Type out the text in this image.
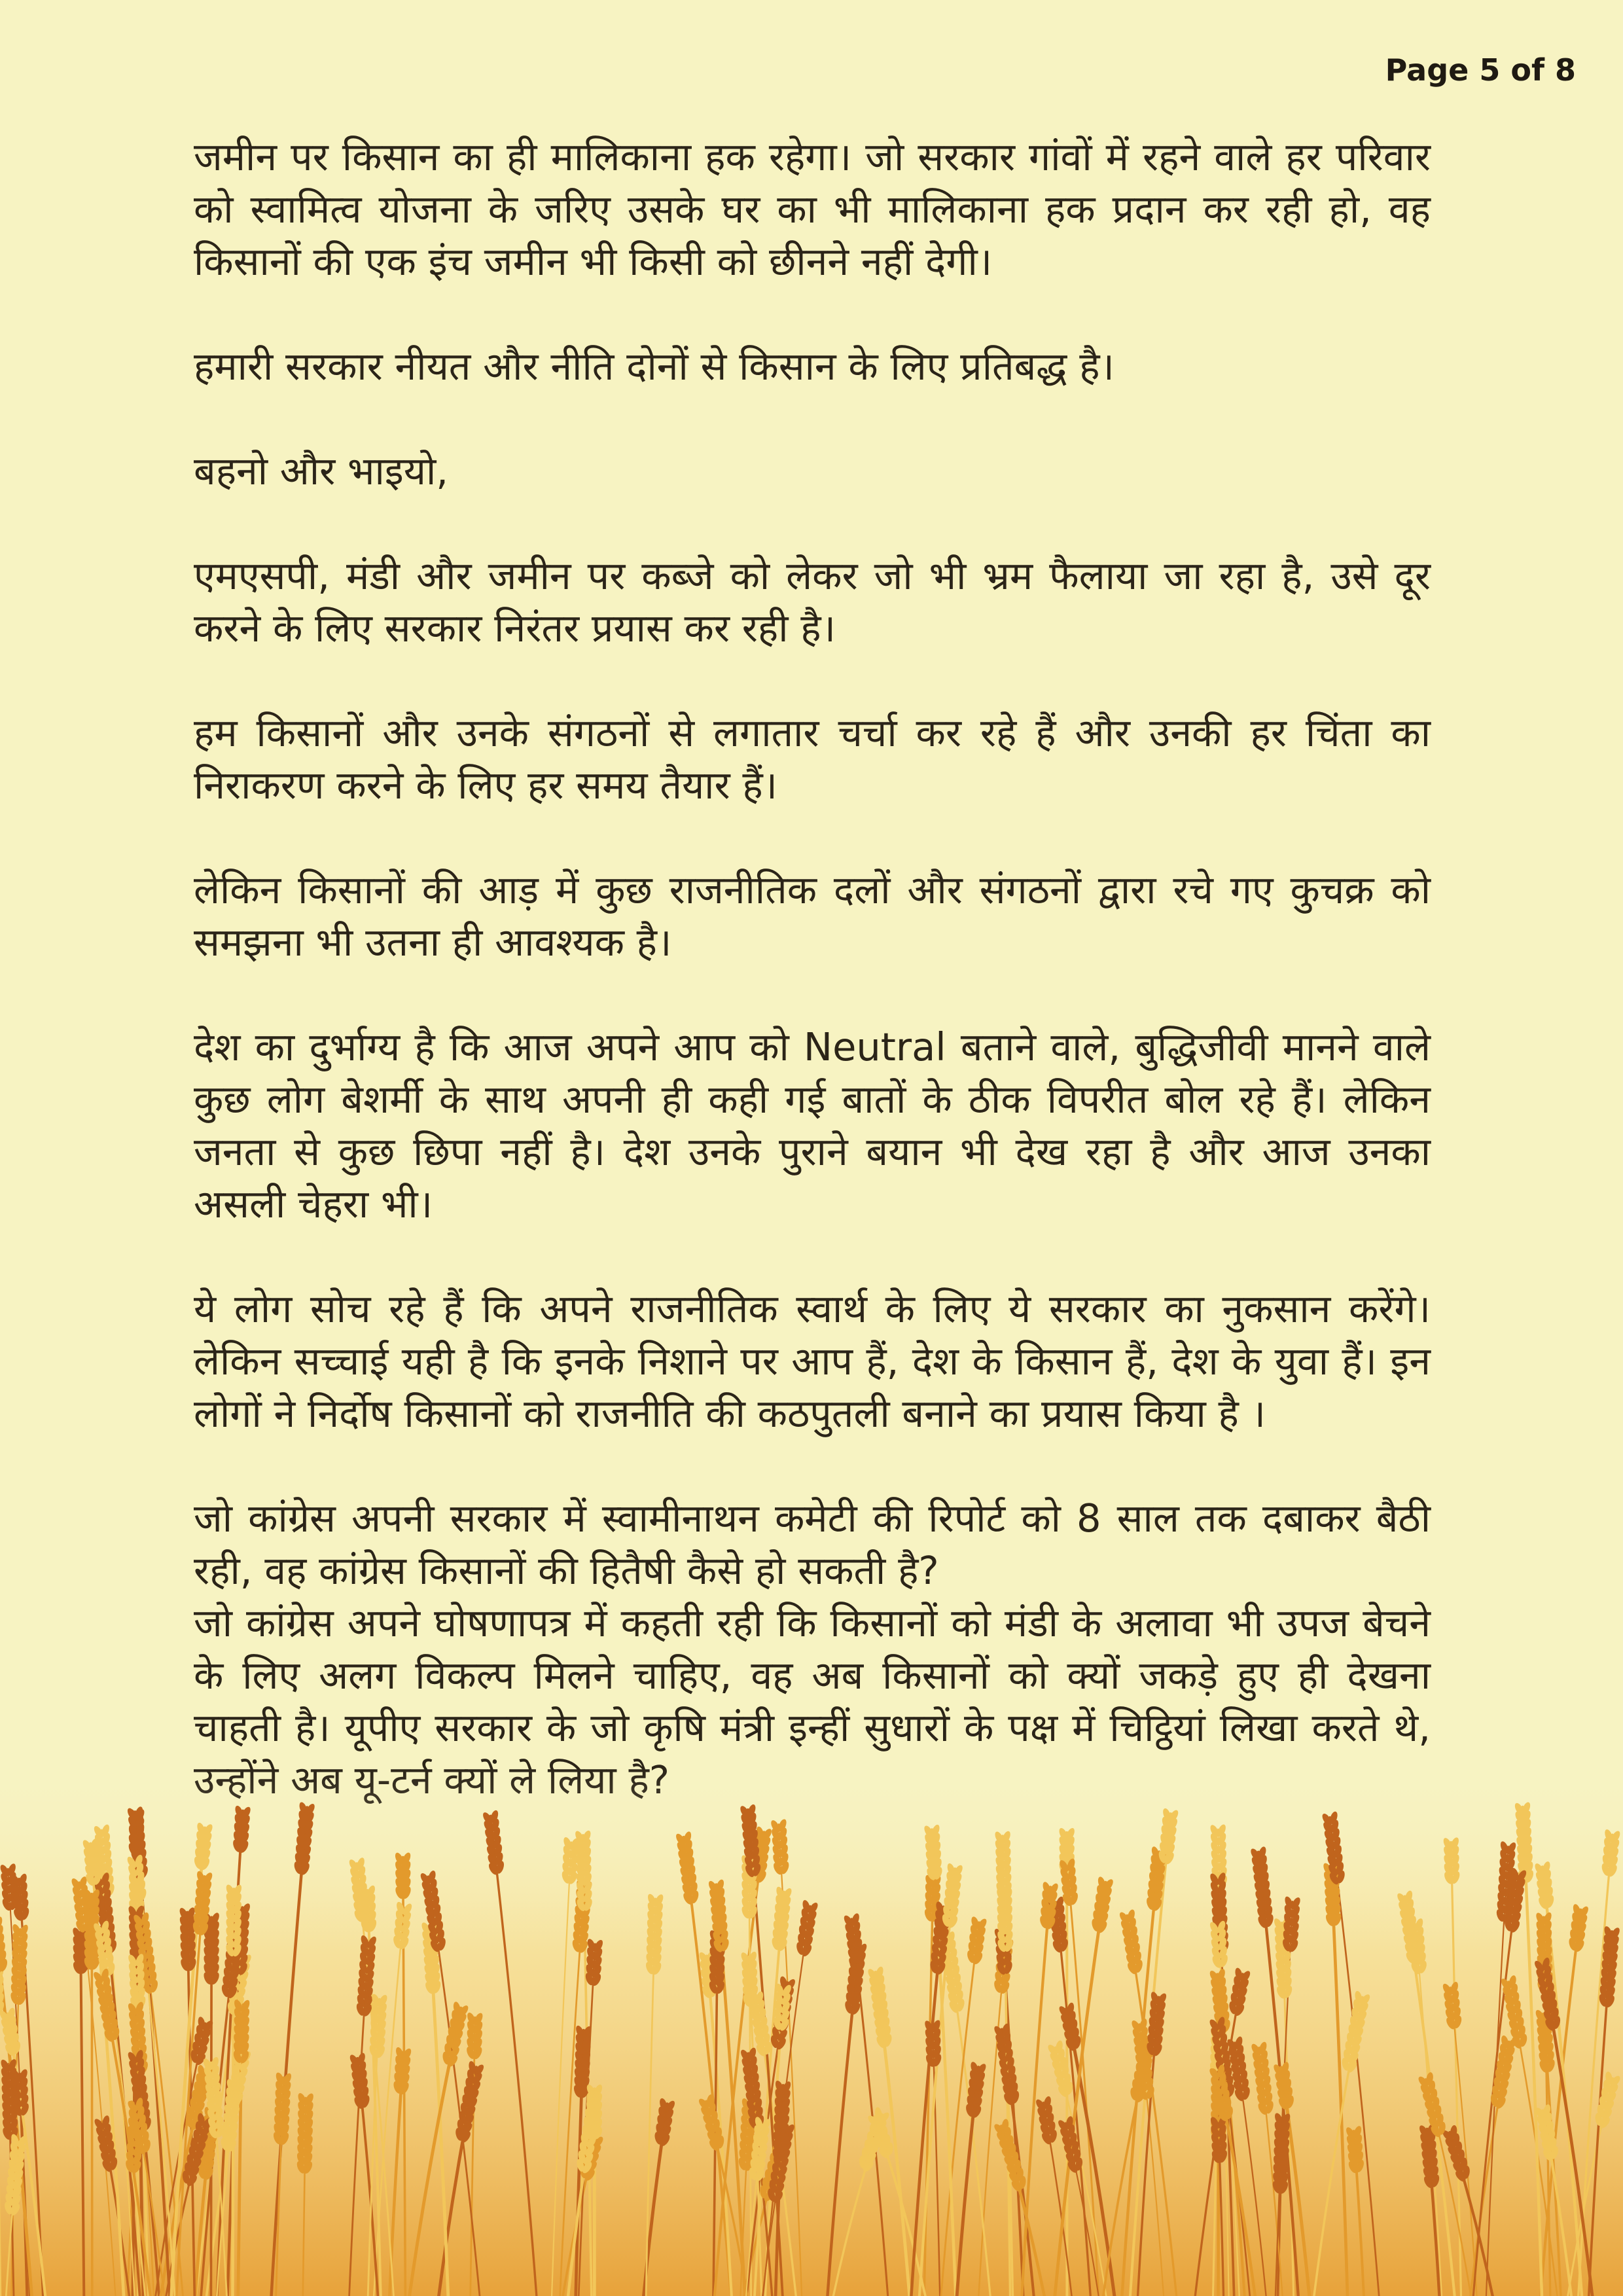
Page 5 of 8

जमीन पर किसान का ही मालिकाना हक रहेगा। जो सरकार गांवों में रहने वाले हर परिवार को स्वामित्व योजना के जरिए उसके घर का भी मालिकाना हक प्रदान कर रही हो, वह किसानों की एक इंच जमीन भी किसी को छीनने नहीं देगी।

हमारी सरकार नीयत और नीति दोनों से किसान के लिए प्रतिबद्ध है।

बहनो और भाइयो,

एमएसपी, मंडी और जमीन पर कब्जे को लेकर जो भी भ्रम फैलाया जा रहा है, उसे दूर करने के लिए सरकार निरंतर प्रयास कर रही है।

हम किसानों और उनके संगठनों से लगातार चर्चा कर रहे हैं और उनकी हर चिंता का निराकरण करने के लिए हर समय तैयार हैं।

लेकिन किसानों की आड़ में कुछ राजनीतिक दलों और संगठनों द्वारा रचे गए कुचक्र को समझना भी उतना ही आवश्यक है।

देश का दुर्भाग्य है कि आज अपने आप को Neutral बताने वाले, बुद्धिजीवी मानने वाले कुछ लोग बेशर्मी के साथ अपनी ही कही गई बातों के ठीक विपरीत बोल रहे हैं। लेकिन जनता से कुछ छिपा नहीं है। देश उनके पुराने बयान भी देख रहा है और आज उनका असली चेहरा भी।

ये लोग सोच रहे हैं कि अपने राजनीतिक स्वार्थ के लिए ये सरकार का नुकसान करेंगे। लेकिन सच्चाई यही है कि इनके निशाने पर आप हैं, देश के किसान हैं, देश के युवा हैं। इन लोगों ने निर्दोष किसानों को राजनीति की कठपुतली बनाने का प्रयास किया है ।

जो कांग्रेस अपनी सरकार में स्वामीनाथन कमेटी की रिपोर्ट को 8 साल तक दबाकर बैठी रही, वह कांग्रेस किसानों की हितैषी कैसे हो सकती है?

जो कांग्रेस अपने घोषणापत्र में कहती रही कि किसानों को मंडी के अलावा भी उपज बेचने के लिए अलग विकल्प मिलने चाहिए, वह अब किसानों को क्यों जकड़े हुए ही देखना चाहती है। यूपीए सरकार के जो कृषि मंत्री इन्हीं सुधारों के पक्ष में चिट्ठियां लिखा करते थे,
